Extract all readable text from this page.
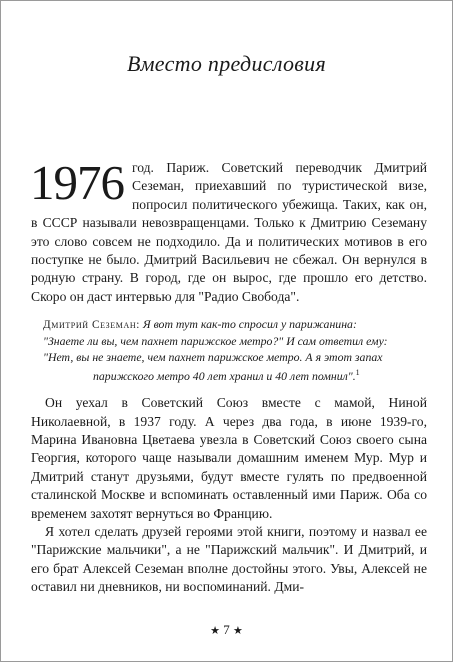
Вместо предисловия

1976 год. Париж. Советский переводчик Дмитрий Сеземан, приехавший по туристической визе, попросил политического убежища. Таких, как он, в СССР называли невозвращенцами. Только к Дмитрию Сеземану это слово совсем не подходило. Да и политических мотивов в его поступке не было. Дмитрий Васильевич не сбежал. Он вернулся в родную страну. В город, где он вырос, где прошло его детство. Скоро он даст интервью для "Радио Свобода".

Дмитрий Сеземан: Я вот тут как-то спросил у парижанина:
"Знаете ли вы, чем пахнет парижское метро?" И сам ответил ему:
"Нет, вы не знаете, чем пахнет парижское метро. А я этот запах
парижского метро 40 лет хранил и 40 лет помнил".$^1$

Он уехал в Советский Союз вместе с мамой, Ниной Николаевной, в 1937 году. А через два года, в июне 1939-го, Марина Ивановна Цветаева увезла в Советский Союз своего сына Георгия, которого чаще называли домашним именем Мур. Мур и Дмитрий станут друзьями, будут вместе гулять по предвоенной сталинской Москве и вспоминать оставленный ими Париж. Оба со временем захотят вернуться во Францию.

Я хотел сделать друзей героями этой книги, поэтому и назвал ее "Парижские мальчики", а не "Парижский мальчик". И Дмитрий, и его брат Алексей Сеземан вполне достойны этого. Увы, Алексей не оставил ни дневников, ни воспоминаний. Дми-

★ 7 ★
